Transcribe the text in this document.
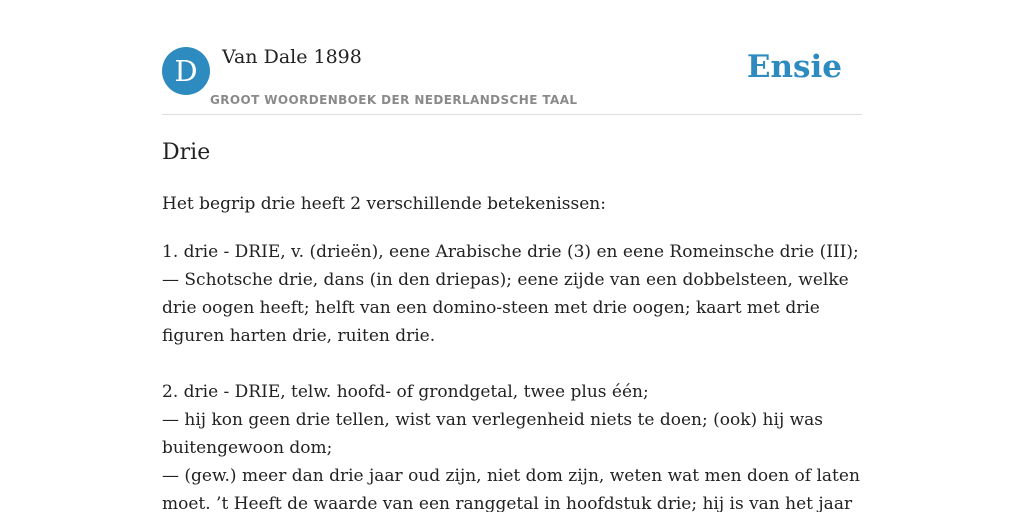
D	Van Dale 1898
GROOT WOORDENBOEK DER NEDERLANDSCHE TAAL
Ensie
Drie
Het begrip drie heeft 2 verschillende betekenissen:
1. drie - DRIE, v. (drieën), eene Arabische drie (3) en eene Romeinsche drie (III);
— Schotsche drie, dans (in den driepas); eene zijde van een dobbelsteen, welke
drie oogen heeft; helft van een domino-steen met drie oogen; kaart met drie
figuren harten drie, ruiten drie.
2. drie - DRIE, telw. hoofd- of grondgetal, twee plus één;
— hij kon geen drie tellen, wist van verlegenheid niets te doen; (ook) hij was
buitengewoon dom;
— (gew.) meer dan drie jaar oud zijn, niet dom zijn, weten wat men doen of laten
moet. ’t Heeft de waarde van een ranggetal in hoofdstuk drie; hij is van het jaar
